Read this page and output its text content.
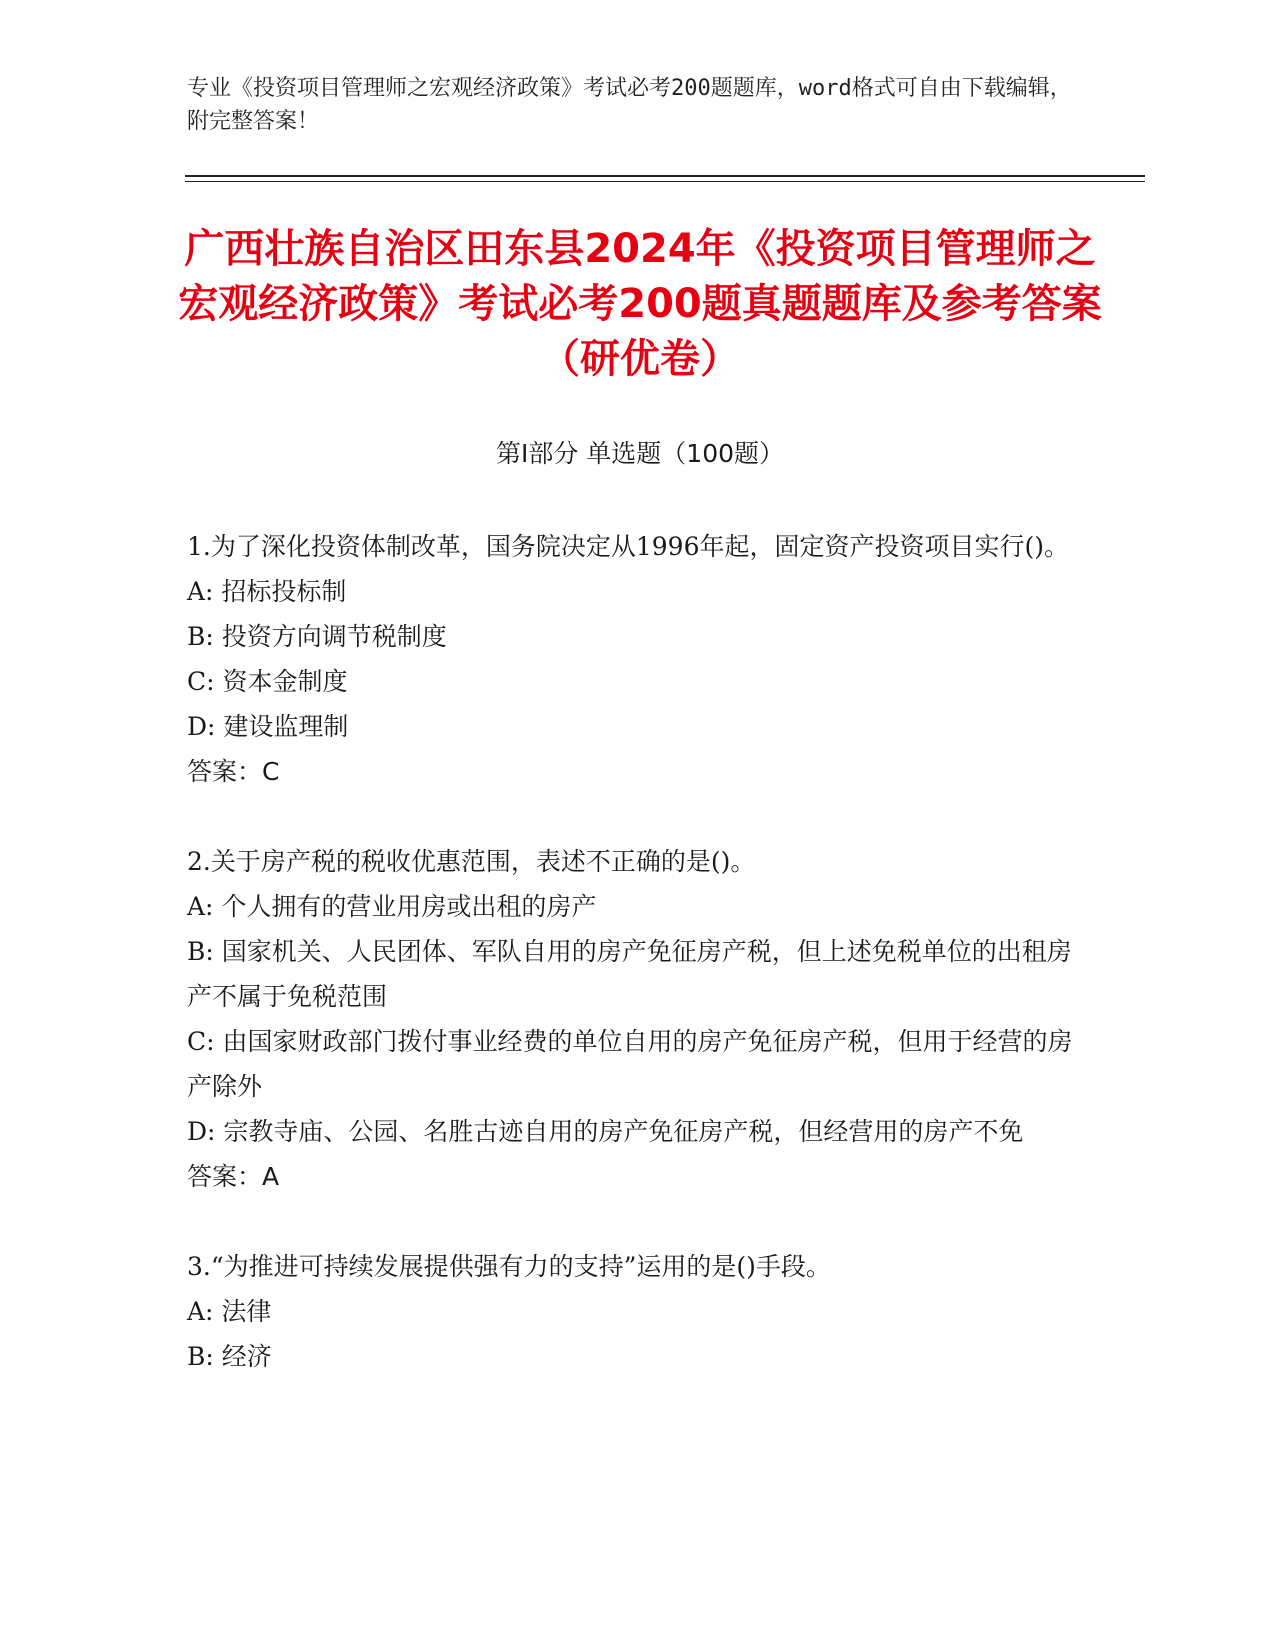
专业《投资项目管理师之宏观经济政策》考试必考200题题库，word格式可自由下载编辑，附完整答案！
广西壮族自治区田东县2024年《投资项目管理师之宏观经济政策》考试必考200题真题题库及参考答案（研优卷）
第I部分 单选题（100题）
1.为了深化投资体制改革，国务院决定从1996年起，固定资产投资项目实行()。
A: 招标投标制
B: 投资方向调节税制度
C: 资本金制度
D: 建设监理制
答案：C
2.关于房产税的税收优惠范围，表述不正确的是()。
A: 个人拥有的营业用房或出租的房产
B: 国家机关、人民团体、军队自用的房产免征房产税，但上述免税单位的出租房产不属于免税范围
C: 由国家财政部门拨付事业经费的单位自用的房产免征房产税，但用于经营的房产除外
D: 宗教寺庙、公园、名胜古迹自用的房产免征房产税，但经营用的房产不免
答案：A
3.“为推进可持续发展提供强有力的支持”运用的是()手段。
A: 法律
B: 经济
